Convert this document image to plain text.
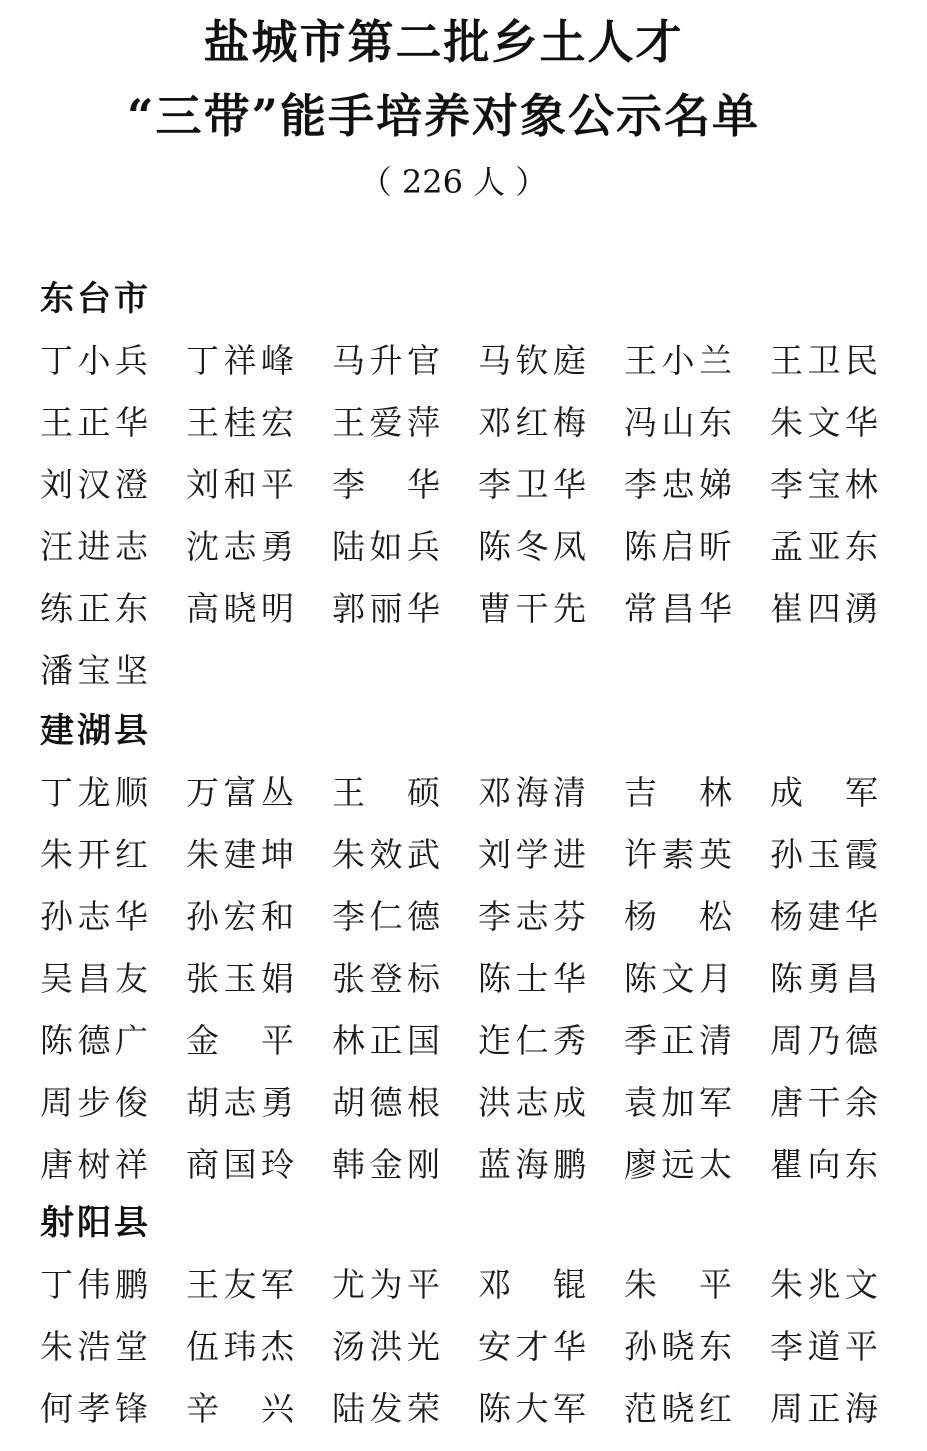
盐城市第二批乡土人才
“三带”能手培养对象公示名单
（ 226 人 ）
东台市
丁 小 兵 丁 祥 峰 马 升 官 马 钦 庭 王 小 兰 王 卫 民
王 正 华 王 桂 宏 王 爱 萍 邓 红 梅 冯 山 东 朱 文 华
刘 汉 澄 刘 和 平 李 华 李 卫 华 李 忠 娣 李 宝 林
汪 进 志 沈 志 勇 陆 如 兵 陈 冬 凤 陈 启 昕 孟 亚 东
练 正 东 高 晓 明 郭 丽 华 曹 干 先 常 昌 华 崔 四 湧
潘 宝 坚
建湖县
丁 龙 顺 万 富 丛 王 硕 邓 海 清 吉 林 成 军
朱 开 红 朱 建 坤 朱 效 武 刘 学 进 许 素 英 孙 玉 霞
孙 志 华 孙 宏 和 李 仁 德 李 志 芬 杨 松 杨 建 华
吴 昌 友 张 玉 娟 张 登 标 陈 士 华 陈 文 月 陈 勇 昌
陈 德 广 金 平 林 正 国 迮 仁 秀 季 正 清 周 乃 德
周 步 俊 胡 志 勇 胡 德 根 洪 志 成 袁 加 军 唐 干 余
唐 树 祥 商 国 玲 韩 金 刚 蓝 海 鹏 廖 远 太 瞿 向 东
射阳县
丁 伟 鹏 王 友 军 尤 为 平 邓 锟 朱 平 朱 兆 文
朱 浩 堂 伍 玮 杰 汤 洪 光 安 才 华 孙 晓 东 李 道 平
何 孝 锋 辛 兴 陆 发 荣 陈 大 军 范 晓 红 周 正 海
